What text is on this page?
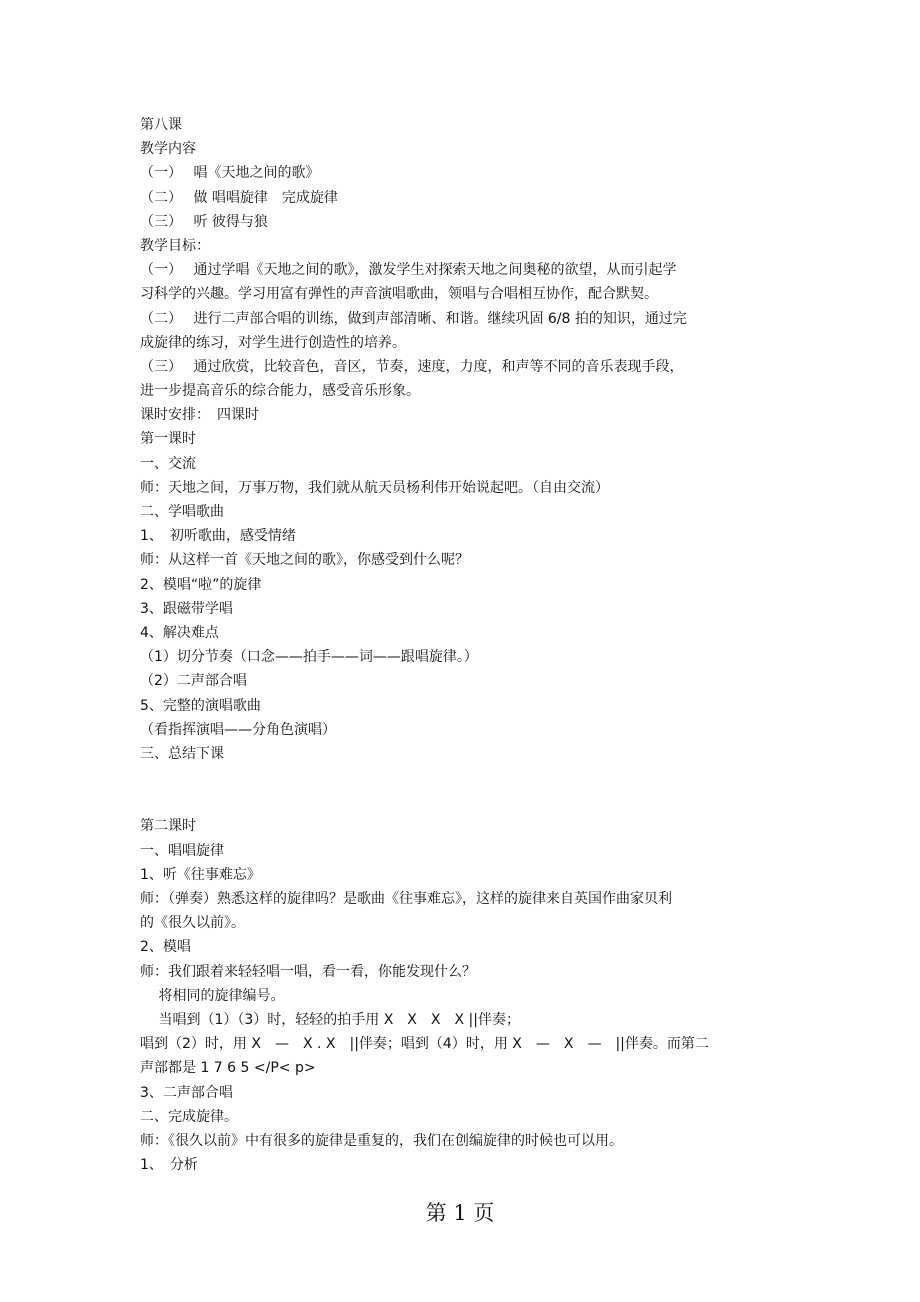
第八课
教学内容
（一）　 唱《天地之间的歌》
（二）　 做 唱唱旋律　完成旋律
（三）　 听 彼得与狼
教学目标：
（一）　 通过学唱《天地之间的歌》，激发学生对探索天地之间奥秘的欲望，从而引起学
习科学的兴趣。学习用富有弹性的声音演唱歌曲，领唱与合唱相互协作，配合默契。
（二）　 进行二声部合唱的训练，做到声部清晰、和谐。继续巩固 6/8 拍的知识，通过完
成旋律的练习，对学生进行创造性的培养。
（三）　 通过欣赏，比较音色，音区，节奏，速度，力度，和声等不同的音乐表现手段，
进一步提高音乐的综合能力，感受音乐形象。
课时安排：　四课时
第一课时
一、交流
师：天地之间，万事万物，我们就从航天员杨利伟开始说起吧。（自由交流）
二、学唱歌曲
1、　初听歌曲，感受情绪
师：从这样一首《天地之间的歌》，你感受到什么呢？
2、模唱“啦”的旋律
3、跟磁带学唱
4、解决难点
（1）切分节奏（口念——拍手——词——跟唱旋律。）
（2）二声部合唱
5、完整的演唱歌曲
（看指挥演唱——分角色演唱）
三、总结下课
第二课时
一、唱唱旋律
1、听《往事难忘》
师：（弹奏）熟悉这样的旋律吗？是歌曲《往事难忘》，这样的旋律来自英国作曲家贝利
的《很久以前》。
2、模唱
师：我们跟着来轻轻唱一唱，看一看，你能发现什么？
　 将相同的旋律编号。
　 当唱到（1）（3）时，轻轻的拍手用 X　X　X　X ||伴奏；
唱到（2）时，用 X　—　X . X　||伴奏；唱到（4）时，用 X　—　X　—　||伴奏。而第二
声部都是 1 7 6 5 </P< p>
3、二声部合唱
二、完成旋律。
师：《很久以前》中有很多的旋律是重复的，我们在创编旋律的时候也可以用。
1、　分析
第 1 页
